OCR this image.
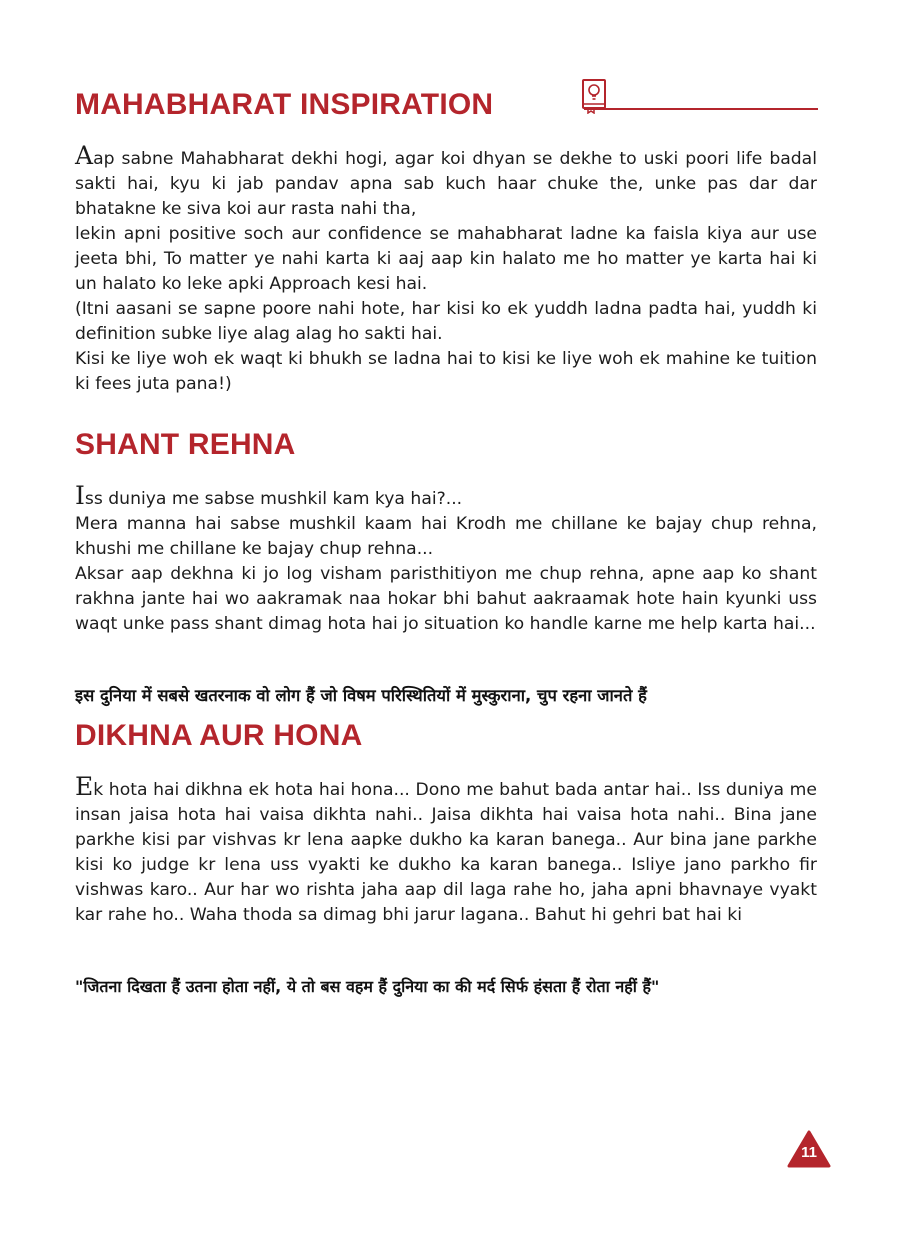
MAHABHARAT INSPIRATION

Aap sabne Mahabharat dekhi hogi, agar koi dhyan se dekhe to uski poori life badal sakti hai, kyu ki jab pandav apna sab kuch haar chuke the, unke pas dar dar bhatakne ke siva koi aur rasta nahi tha,

lekin apni positive soch aur confidence se mahabharat ladne ka faisla kiya aur use jeeta bhi, To matter ye nahi karta ki aaj aap kin halato me ho matter ye karta hai ki un halato ko leke apki Approach kesi hai.

(Itni aasani se sapne poore nahi hote, har kisi ko ek yuddh ladna padta hai, yuddh ki definition subke liye alag alag ho sakti hai.

Kisi ke liye woh ek waqt ki bhukh se ladna hai to kisi ke liye woh ek mahine ke tuition ki fees juta pana!)

SHANT REHNA

Iss duniya me sabse mushkil kam kya hai?...

Mera manna hai sabse mushkil kaam hai Krodh me chillane ke bajay chup rehna, khushi me chillane ke bajay chup rehna...

Aksar aap dekhna ki jo log visham paristhitiyon me chup rehna, apne aap ko shant rakhna jante hai wo aakramak naa hokar bhi bahut aakraamak hote hain kyunki uss waqt unke pass shant dimag hota hai jo situation ko handle karne me help karta hai...

इस दुनिया में सबसे खतरनाक वो लोग हैं जो विषम परिस्थितियों में मुस्कुराना, चुप रहना जानते हैं

DIKHNA AUR HONA

Ek hota hai dikhna ek hota hai hona... Dono me bahut bada antar hai.. Iss duniya me insan jaisa hota hai vaisa dikhta nahi.. Jaisa dikhta hai vaisa hota nahi.. Bina jane parkhe kisi par vishvas kr lena aapke dukho ka karan banega.. Aur bina jane parkhe kisi ko judge kr lena uss vyakti ke dukho ka karan banega.. Isliye jano parkho fir vishwas karo.. Aur har wo rishta jaha aap dil laga rahe ho, jaha apni bhavnaye vyakt kar rahe ho.. Waha thoda sa dimag bhi jarur lagana.. Bahut hi gehri bat hai ki

"जितना दिखता हैं उतना होता नहीं, ये तो बस वहम हैं दुनिया का की मर्द सिर्फ हंसता हैं रोता नहीं हैं"

11
